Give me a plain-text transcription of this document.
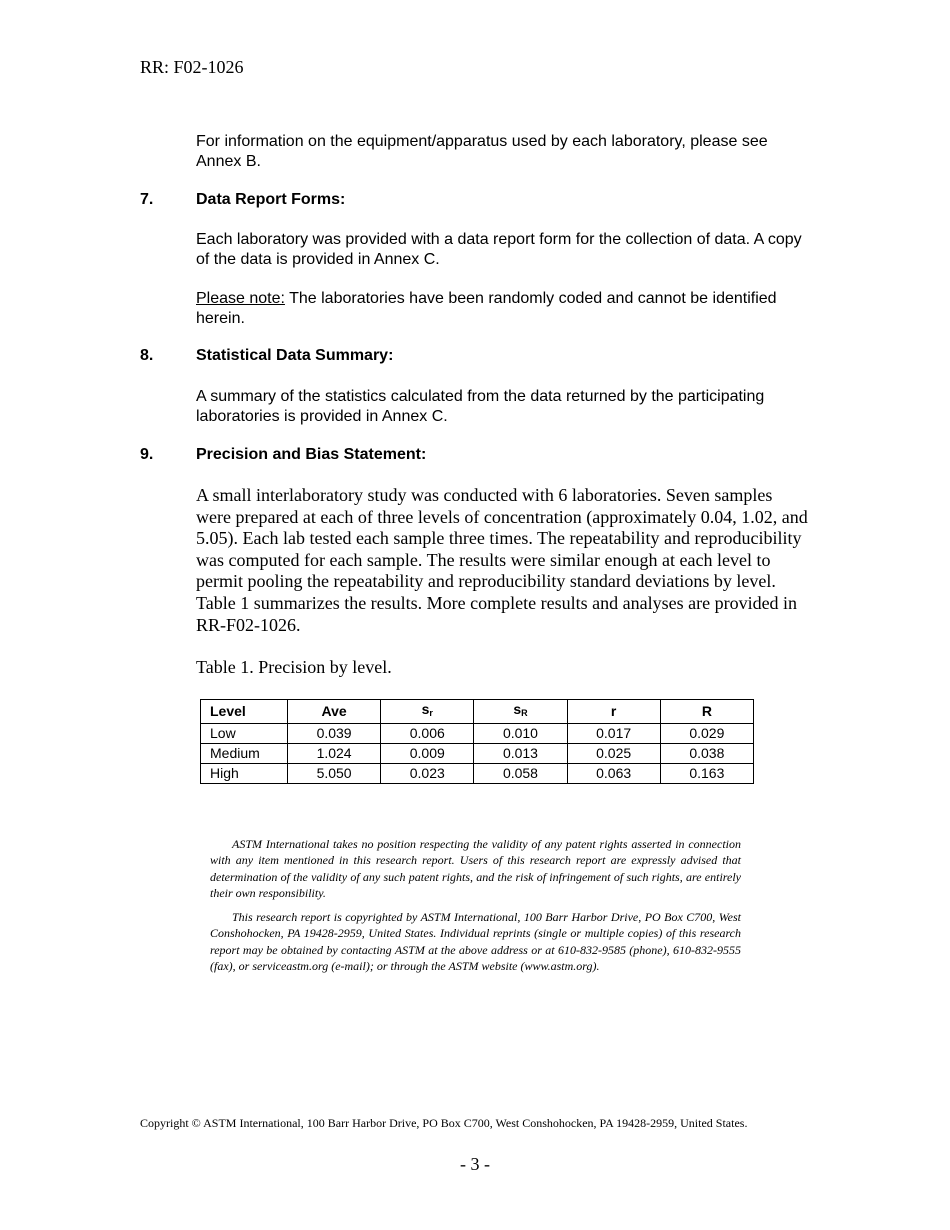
RR: F02-1026
For information on the equipment/apparatus used by each laboratory, please see Annex B.
7.	Data Report Forms:
Each laboratory was provided with a data report form for the collection of data. A copy of the data is provided in Annex C.
Please note: The laboratories have been randomly coded and cannot be identified herein.
8.	Statistical Data Summary:
A summary of the statistics calculated from the data returned by the participating laboratories is provided in Annex C.
9.	Precision and Bias Statement:
A small interlaboratory study was conducted with 6 laboratories. Seven samples were prepared at each of three levels of concentration (approximately 0.04, 1.02, and 5.05). Each lab tested each sample three times. The repeatability and reproducibility was computed for each sample. The results were similar enough at each level to permit pooling the repeatability and reproducibility standard deviations by level. Table 1 summarizes the results. More complete results and analyses are provided in RR-F02-1026.
Table 1. Precision by level.
Level	Ave	$s_r$	$s_R$	r	R
Low	0.039	0.006	0.010	0.017	0.029
Medium	1.024	0.009	0.013	0.025	0.038
High	5.050	0.023	0.058	0.063	0.163
ASTM International takes no position respecting the validity of any patent rights asserted in connection with any item mentioned in this research report. Users of this research report are expressly advised that determination of the validity of any such patent rights, and the risk of infringement of such rights, are entirely their own responsibility.
This research report is copyrighted by ASTM International, 100 Barr Harbor Drive, PO Box C700, West Conshohocken, PA 19428-2959, United States. Individual reprints (single or multiple copies) of this research report may be obtained by contacting ASTM at the above address or at 610-832-9585 (phone), 610-832-9555 (fax), or serviceastm.org (e-mail); or through the ASTM website (www.astm.org).
Copyright © ASTM International, 100 Barr Harbor Drive, PO Box C700, West Conshohocken, PA 19428-2959, United States.
- 3 -
